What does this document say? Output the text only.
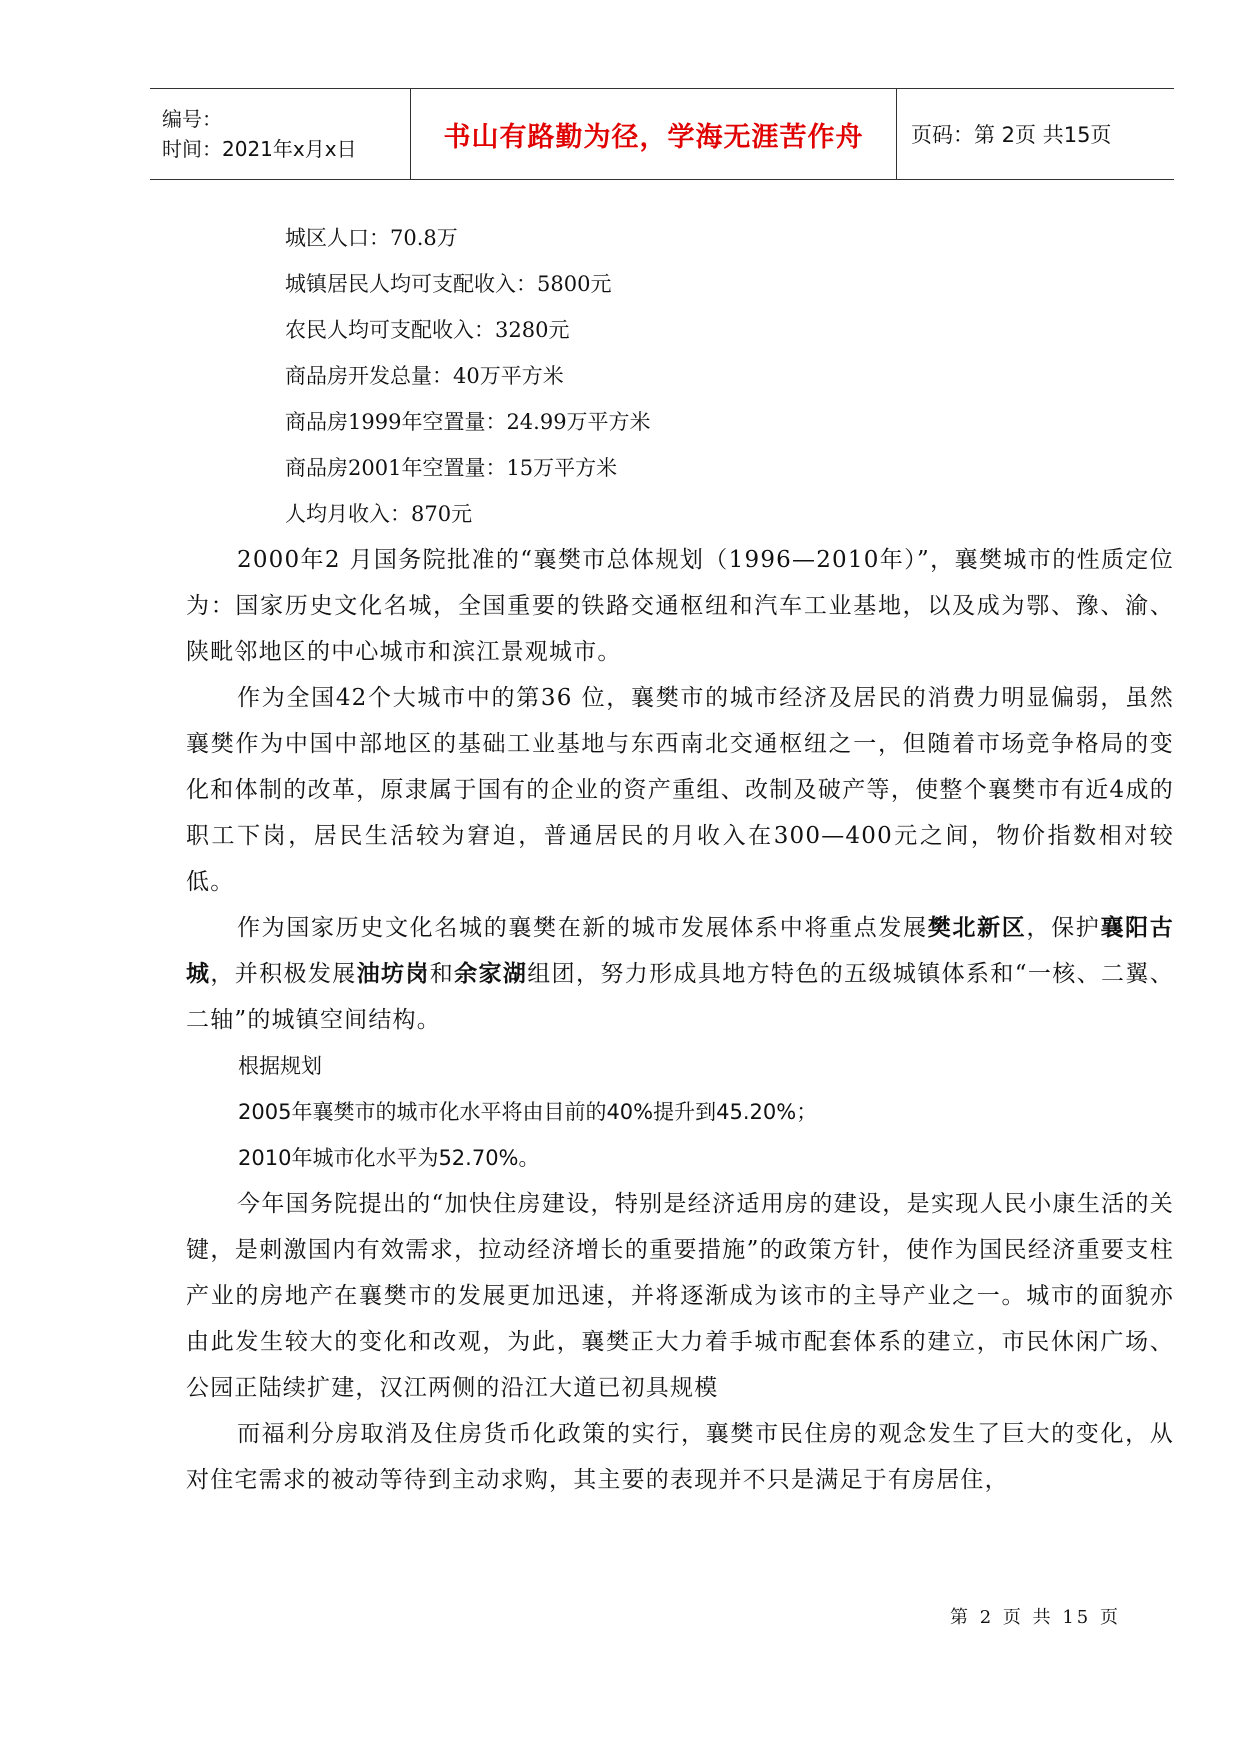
编号：
时间：2021年x月x日	书山有路勤为径，学海无涯苦作舟	页码：第 2页 共15页
城区人口：70.8万
城镇居民人均可支配收入：5800元
农民人均可支配收入：3280元
商品房开发总量：40万平方米
商品房1999年空置量：24.99万平方米
商品房2001年空置量：15万平方米
人均月收入：870元

2000年2 月国务院批准的“襄樊市总体规划（1996—2010年）”，襄樊城市的性质定位为：国家历史文化名城，全国重要的铁路交通枢纽和汽车工业基地，以及成为鄂、豫、渝、陕毗邻地区的中心城市和滨江景观城市。

作为全国42个大城市中的第36 位，襄樊市的城市经济及居民的消费力明显偏弱，虽然襄樊作为中国中部地区的基础工业基地与东西南北交通枢纽之一，但随着市场竞争格局的变化和体制的改革，原隶属于国有的企业的资产重组、改制及破产等，使整个襄樊市有近4成的职工下岗，居民生活较为窘迫，普通居民的月收入在300—400元之间，物价指数相对较低。

作为国家历史文化名城的襄樊在新的城市发展体系中将重点发展樊北新区，保护襄阳古城，并积极发展油坊岗和余家湖组团，努力形成具地方特色的五级城镇体系和“一核、二翼、二轴”的城镇空间结构。

根据规划
2005年襄樊市的城市化水平将由目前的40%提升到45.20%；
2010年城市化水平为52.70%。

今年国务院提出的“加快住房建设，特别是经济适用房的建设，是实现人民小康生活的关键，是刺激国内有效需求，拉动经济增长的重要措施”的政策方针，使作为国民经济重要支柱产业的房地产在襄樊市的发展更加迅速，并将逐渐成为该市的主导产业之一。城市的面貌亦由此发生较大的变化和改观，为此，襄樊正大力着手城市配套体系的建立，市民休闲广场、公园正陆续扩建，汉江两侧的沿江大道已初具规模

而福利分房取消及住房货币化政策的实行，襄樊市民住房的观念发生了巨大的变化，从对住宅需求的被动等待到主动求购，其主要的表现并不只是满足于有房居住，

第 2 页 共 15 页
